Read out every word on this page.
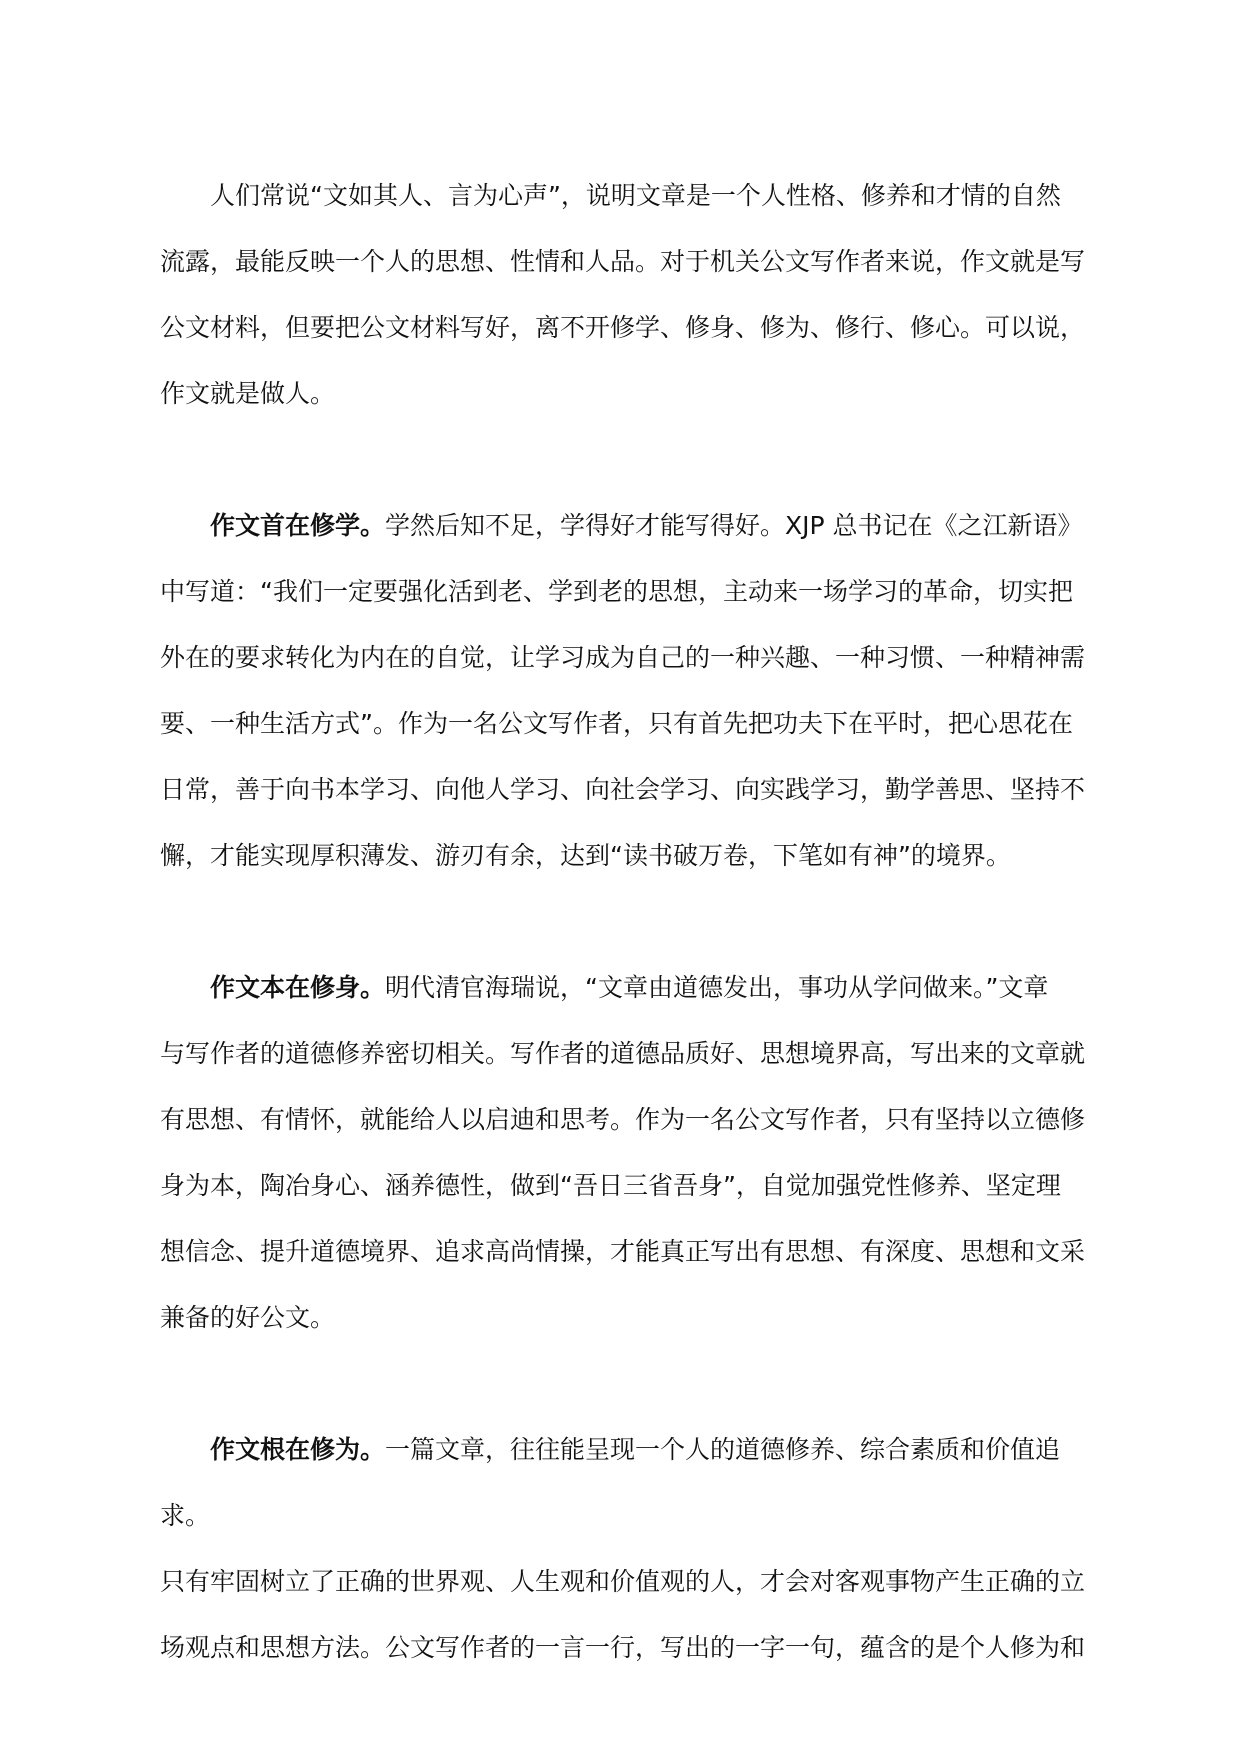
人们常说“文如其人、言为心声”，说明文章是一个人性格、修养和才情的自然
流露，最能反映一个人的思想、性情和人品。对于机关公文写作者来说，作文就是写
公文材料，但要把公文材料写好，离不开修学、修身、修为、修行、修心。可以说，
作文就是做人。

作文首在修学。学然后知不足，学得好才能写得好。XJP 总书记在《之江新语》
中写道：“我们一定要强化活到老、学到老的思想，主动来一场学习的革命，切实把
外在的要求转化为内在的自觉，让学习成为自己的一种兴趣、一种习惯、一种精神需
要、一种生活方式”。作为一名公文写作者，只有首先把功夫下在平时，把心思花在
日常，善于向书本学习、向他人学习、向社会学习、向实践学习，勤学善思、坚持不
懈，才能实现厚积薄发、游刃有余，达到“读书破万卷，下笔如有神”的境界。

作文本在修身。明代清官海瑞说，“文章由道德发出，事功从学问做来。”文章
与写作者的道德修养密切相关。写作者的道德品质好、思想境界高，写出来的文章就
有思想、有情怀，就能给人以启迪和思考。作为一名公文写作者，只有坚持以立德修
身为本，陶冶身心、涵养德性，做到“吾日三省吾身”，自觉加强党性修养、坚定理
想信念、提升道德境界、追求高尚情操，才能真正写出有思想、有深度、思想和文采
兼备的好公文。

作文根在修为。一篇文章，往往能呈现一个人的道德修养、综合素质和价值追求。
只有牢固树立了正确的世界观、人生观和价值观的人，才会对客观事物产生正确的立
场观点和思想方法。公文写作者的一言一行，写出的一字一句，蕴含的是个人修为和
